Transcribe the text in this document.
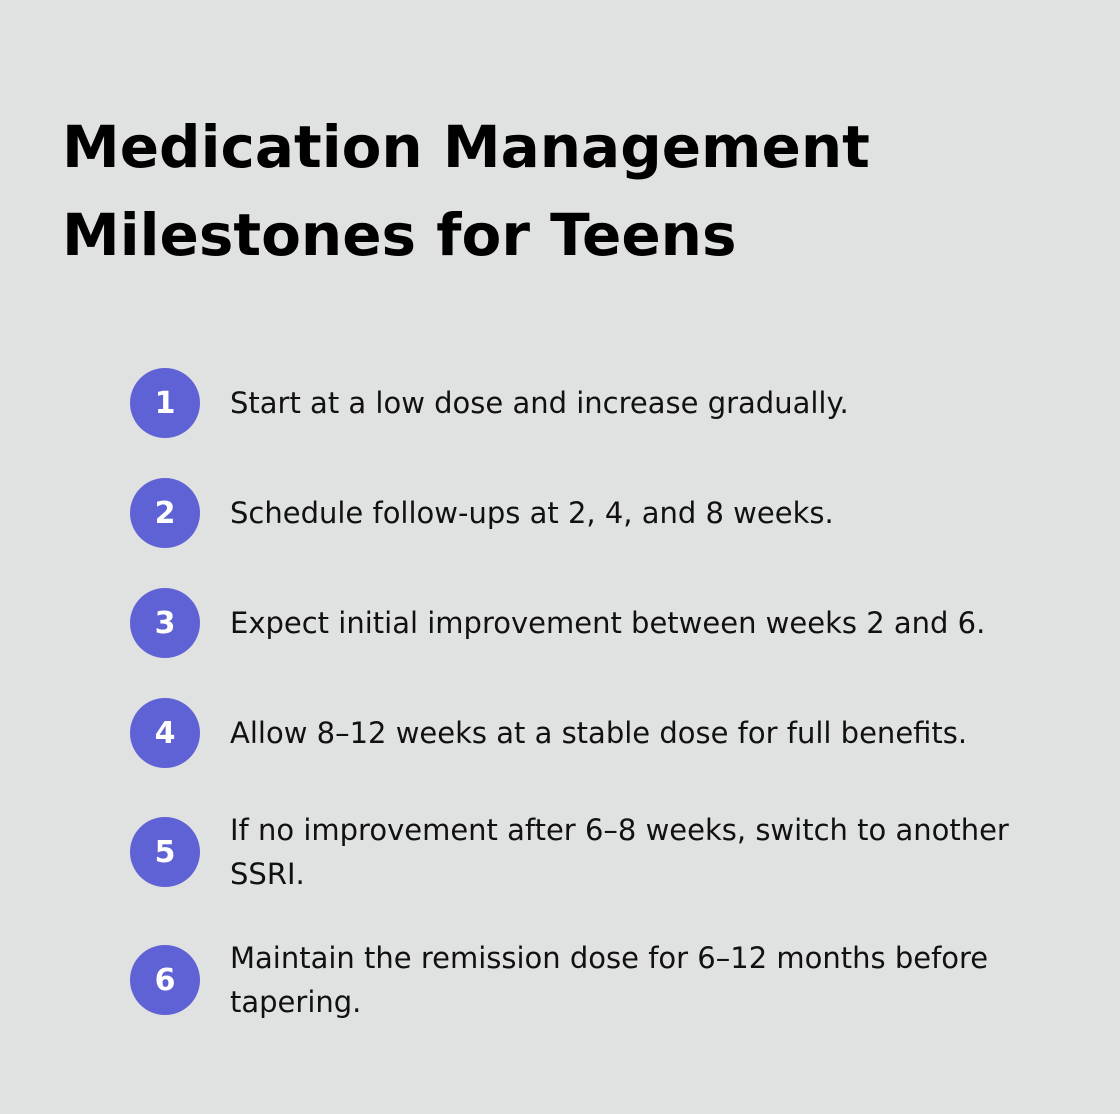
Medication Management Milestones for Teens
1	Start at a low dose and increase gradually.
2	Schedule follow-ups at 2, 4, and 8 weeks.
3	Expect initial improvement between weeks 2 and 6.
4	Allow 8–12 weeks at a stable dose for full benefits.
5
If no improvement after 6–8 weeks, switch to another SSRI.
6
Maintain the remission dose for 6–12 months before tapering.
